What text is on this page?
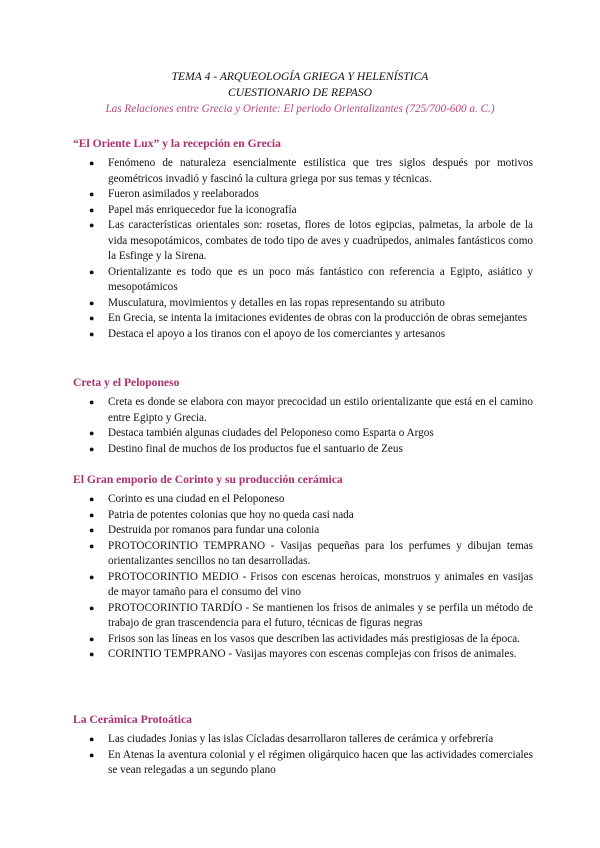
TEMA 4 - ARQUEOLOGÍA GRIEGA Y HELENÍSTICA
CUESTIONARIO DE REPASO
Las Relaciones entre Grecia y Oriente: El periodo Orientalizantes (725/700-600 a. C.)
“El Oriente Lux” y la recepción en Grecia
● Fenómeno de naturaleza esencialmente estilística que tres siglos después por motivos geométricos invadió y fascinó la cultura griega por sus temas y técnicas.
● Fueron asimilados y reelaborados
● Papel más enriquecedor fue la iconografía
● Las características orientales son: rosetas, flores de lotos egipcias, palmetas, la arbole de la vida mesopotámicos, combates de todo tipo de aves y cuadrúpedos, animales fantásticos como la Esfinge y la Sirena.
● Orientalizante es todo que es un poco más fantástico con referencia a Egipto, asiático y mesopotámicos
● Musculatura, movimientos y detalles en las ropas representando su atributo
● En Grecia, se intenta la imitaciones evidentes de obras con la producción de obras semejantes
● Destaca el apoyo a los tiranos con el apoyo de los comerciantes y artesanos
Creta y el Peloponeso
● Creta es donde se elabora con mayor precocidad un estilo orientalizante que está en el camino entre Egipto y Grecia.
● Destaca también algunas ciudades del Peloponeso como Esparta o Argos
● Destino final de muchos de los productos fue el santuario de Zeus
El Gran emporio de Corinto y su producción cerámica
● Corinto es una ciudad en el Peloponeso
● Patria de potentes colonias que hoy no queda casi nada
● Destruida por romanos para fundar una colonia
● PROTOCORINTIO TEMPRANO - Vasijas pequeñas para los perfumes y dibujan temas orientalizantes sencillos no tan desarrolladas.
● PROTOCORINTIO MEDIO - Frisos con escenas heroicas, monstruos y animales en vasijas de mayor tamaño para el consumo del vino
● PROTOCORINTIO TARDÍO - Se mantienen los frisos de animales y se perfila un método de trabajo de gran trascendencia para el futuro, técnicas de figuras negras
● Frisos son las líneas en los vasos que describen las actividades más prestigiosas de la época.
● CORINTIO TEMPRANO - Vasijas mayores con escenas complejas con frisos de animales.
La Cerámica Protoática
● Las ciudades Jonias y las islas Cícladas desarrollaron talleres de cerámica y orfebrería
● En Atenas la aventura colonial y el régimen oligárquico hacen que las actividades comerciales se vean relegadas a un segundo plano
